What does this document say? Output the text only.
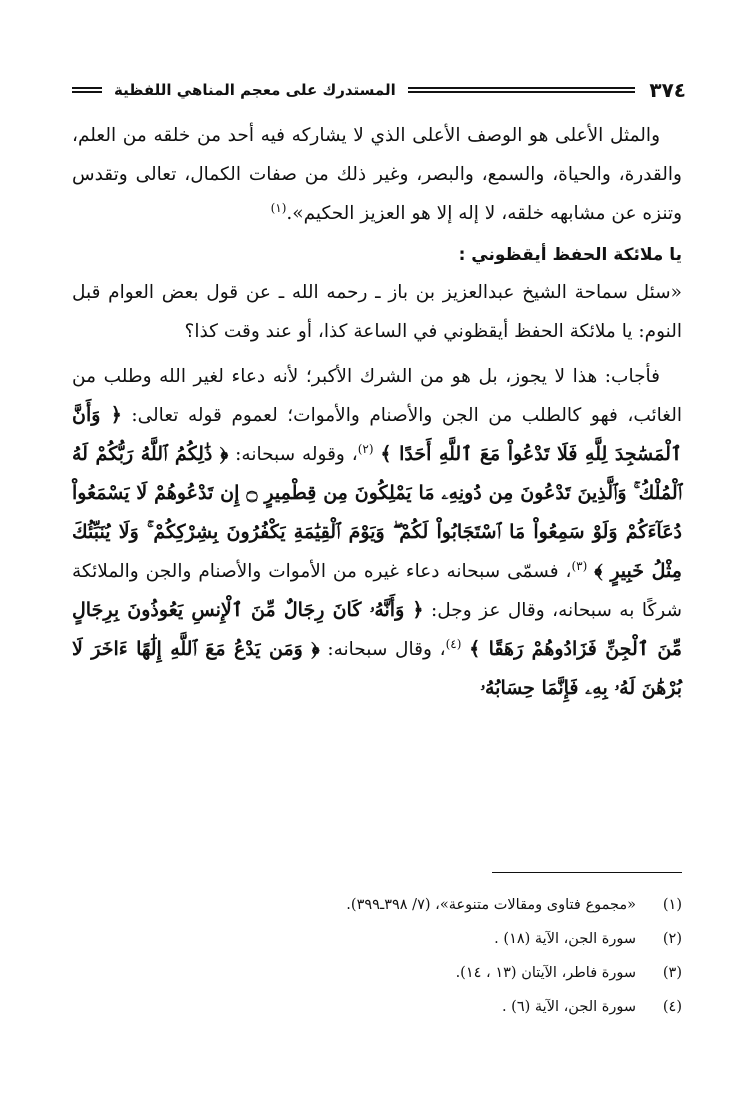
٣٧٤
المستدرك على معجم المناهي اللفظية

والمثل الأعلى هو الوصف الأعلى الذي لا يشاركه فيه أحد من خلقه من العلم، والقدرة، والحياة، والسمع، والبصر، وغير ذلك من صفات الكمال، تعالى وتقدس وتنزه عن مشابهه خلقه، لا إله إلا هو العزيز الحكيم».$^{(١)}$

يا ملائكة الحفظ أيقظوني :

«سئل سماحة الشيخ عبدالعزيز بن باز ـ رحمه الله ـ عن قول بعض العوام قبل النوم: يا ملائكة الحفظ أيقظوني في الساعة كذا، أو عند وقت كذا؟

فأجاب: هذا لا يجوز، بل هو من الشرك الأكبر؛ لأنه دعاء لغير الله وطلب من الغائب، فهو كالطلب من الجن والأصنام والأموات؛ لعموم قوله تعالى: ﴿ وَأَنَّ ٱلْمَسَٰجِدَ لِلَّهِ فَلَا تَدْعُواْ مَعَ ٱللَّهِ أَحَدًا ﴾ $^{(٢)}$، وقوله سبحانه: ﴿ ذَٰلِكُمُ ٱللَّهُ رَبُّكُمْ لَهُ ٱلْمُلْكُ ۚ وَٱلَّذِينَ تَدْعُونَ مِن دُونِهِۦ مَا يَمْلِكُونَ مِن قِطْمِيرٍ ۝ إِن تَدْعُوهُمْ لَا يَسْمَعُواْ دُعَآءَكُمْ وَلَوْ سَمِعُواْ مَا ٱسْتَجَابُواْ لَكُمْ ۖ وَيَوْمَ ٱلْقِيَٰمَةِ يَكْفُرُونَ بِشِرْكِكُمْ ۚ وَلَا يُنَبِّئُكَ مِثْلُ خَبِيرٍ ﴾ $^{(٣)}$، فسمّى سبحانه دعاء غيره من الأموات والأصنام والجن والملائكة شركًا به سبحانه، وقال عز وجل: ﴿ وَأَنَّهُۥ كَانَ رِجَالٌ مِّنَ ٱلْإِنسِ يَعُوذُونَ بِرِجَالٍ مِّنَ ٱلْجِنِّ فَزَادُوهُمْ رَهَقًا ﴾ $^{(٤)}$، وقال سبحانه: ﴿ وَمَن يَدْعُ مَعَ ٱللَّهِ إِلَٰهًا ءَاخَرَ لَا بُرْهَٰنَ لَهُۥ بِهِۦ فَإِنَّمَا حِسَابُهُۥ

(١)
«مجموع فتاوى ومقالات متنوعة»، (٧/ ٣٩٨ـ٣٩٩).
(٢)
سورة الجن، الآية (١٨) .
(٣)
سورة فاطر، الآيتان (١٣ ، ١٤).
(٤)
سورة الجن، الآية (٦) .
